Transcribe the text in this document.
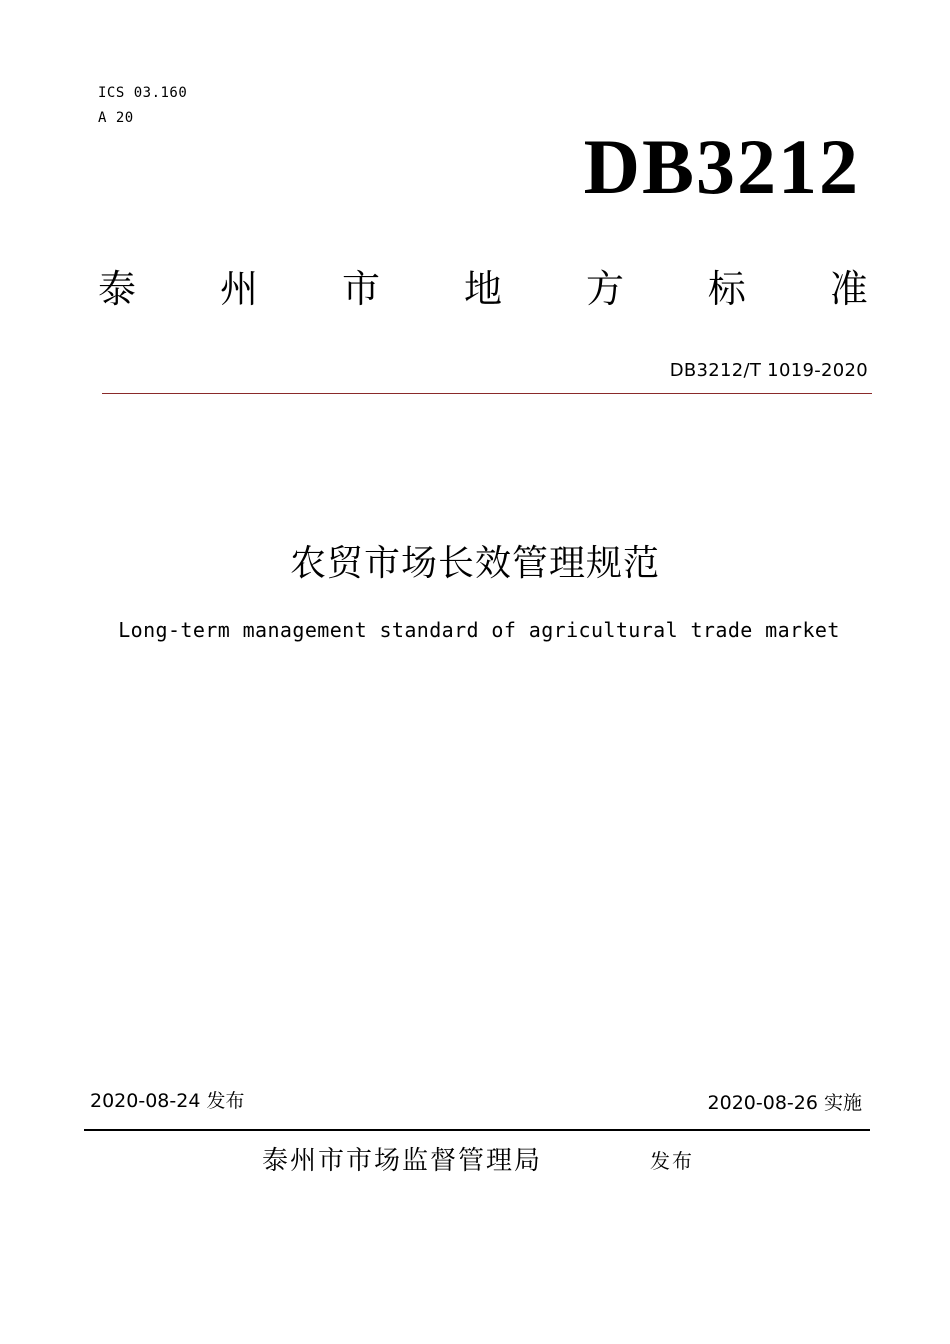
ICS 03.160
A 20
DB3212
泰 州 市 地 方 标 准
DB3212/T 1019-2020
农贸市场长效管理规范
Long-term management standard of agricultural trade market
2020-08-24 发布	2020-08-26 实施
泰州市市场监督管理局	发布
